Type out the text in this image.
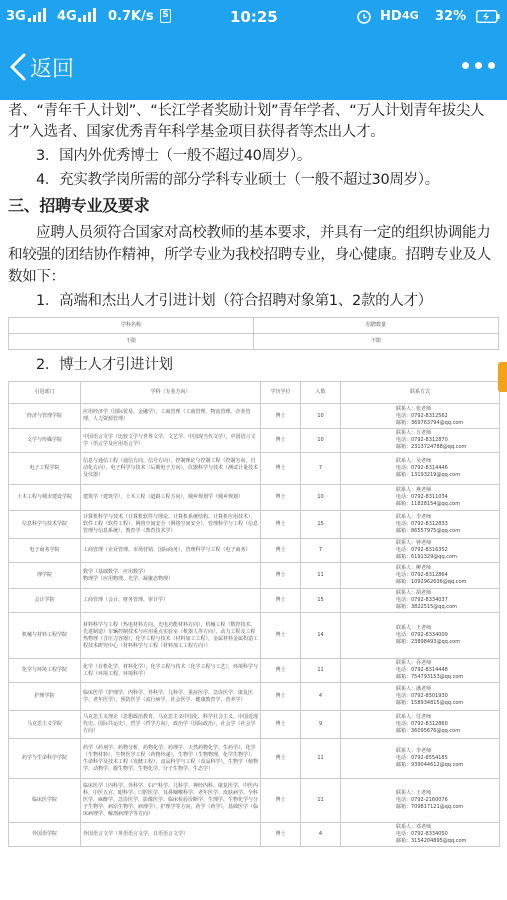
3G 4G 0.7K/s S	10:25	HD 4G 32%
返回

者、“青年千人计划”、“长江学者奖励计划”青年学者、“万人计划青年拔尖人才”入选者、国家优秀青年科学基金项目获得者等杰出人才。

3．国内外优秀博士（一般不超过40周岁）。

4．充实教学岗所需的部分学科专业硕士（一般不超过30周岁）。

三、招聘专业及要求

应聘人员须符合国家对高校教师的基本要求，并具有一定的组织协调能力和较强的团结协作精神，所学专业为我校招聘专业，身心健康。招聘专业及人数如下：

1．高端和杰出人才引进计划（符合招聘对象第1、2款的人才）

学科名称	招聘数量
不限	不限

2．博士人才引进计划

引进部门	学科（专业方向）	学历学位	人数	联系方式
经济与管理学院	应用经济学（国际贸易、金融学），工商管理（工商管理、物流管理、企业管理、人力资源管理）	博士	10	联系人：张老师
电话：0792-8312562
邮箱：369763794@qq.com
文学与传媒学院	中国语言文学（比较文学与世界文学、文艺学、中国现当代文学），中国语言文学（语言学及应用语言学）	博士	10	联系人：万老师
电话：0792-8312870
邮箱：2313724788@qq.com
电子工程学院	信息与通信工程（通信方向、信号方向），控制理论与控制工程（控制方向、自动化方向），电子科学与技术（后期电子方向），仪器科学与技术（测试计量技术及仪器）	博士	7	联系人：吴老师
电话：0792-8314446
邮箱：13193219@qq.com
土木工程与城市建设学院	建筑学（建筑学），土木工程（道路工程方向），城乡规划学（城乡规划）	博士	10	联系人：燕老师
电话：0792-8311034
邮箱：11828154@qq.com
信息科学与技术学院	计算机科学与技术（计算机软件与理论、计算机系统结构、计算机应用技术），软件工程（软件工程），网络空间安全（网络空间安全），管理科学与工程（信息管理与信息系统），教育学（教育技术学）	博士	15	联系人：李老师
电话：0792-8312833
邮箱：86557975@qq.com
电子商务学院	工商管理（企业管理、市场营销、国际商务），管理科学与工程（电子商务）	博士	7	联系人：钟老师
电话：0792-8316352
邮箱：6191329@qq.com
理学院	数学（基础数学、应用数学）
物理学（应用物理、光学、凝聚态物理）	博士	11	联系人：柳老师
电话：0792-8312864
邮箱：1092962636@qq.com
会计学院	工商管理（会计、财务管理、审计学）	博士	15	联系人：胡老师
电话：0792-8334037
邮箱：3822515@qq.com
机械与材料工程学院	材料科学与工程（热电材料方向、光电功能材料方向），机械工程（数控技术、先进制造）车辆控制技术与应用重点实验室（机器人等方向），动力工程及工程热物理（含压力容器），化学工程与技术（材料加工工程），金属材料金属构造工程技术研究中心（材料科学与工程（材料加工工程方向））	博士	14	联系人：王老师
电话：0792-8334009
邮箱：23898493@qq.com
化学与环境工程学院	化学（有机化学、材料化学），化学工程与技术（化学工程与工艺），环境科学与工程（环境工程、环境科学）	博士	11	联系人：乔老师
电话：0792-8314448
邮箱：754793153@qq.com
护理学院	临床医学（护理学、内科学、外科学、儿科学、重症医学、急诊医学、康复医学、老年医学），预防医学（流行病学、社会医学、健康教育学、营养学）	博士	4	联系人：潘老师
电话：0792-8501930
邮箱：158934815@qq.com
马克思主义学院	马克思主义理论（思想政治教育、马克思主义中国化、科学社会主义、中国近现代史、国际共运史），哲学（哲学方向），政治学（国际政治），社会学（社会学方向）	博士	9	联系人：付老师
电话：0792-8312860
邮箱：36095676@qq.com
药学与生命科学学院	药学（药剂学、药物分析、药物化学、药理学、天然药物化学、生药学），化学（生物材料），生物医学工程（药物传递），生物学（生物物理、化学生物学）、生命科学及技术工程（发酵工程），食品科学与工程（食品科学），生物学（植物学、动物学、微生物学、生物化学、分子生物学、生态学）	博士	11	联系人：李老师
电话：0792-8554185
邮箱：939044612@qq.com
临床医学院	临床医学（内科学、外科学、妇产科学、儿科学、神经内科、康复医学、中医内科、中医五官、眼科学、口腔医学、耳鼻咽喉科学、老年医学、皮肤病学、全科医学、麻醉学、急诊医学、影像医学、临床检验诊断学、生理学、生物化学与分子生物学、病原生物学、病理学），护理学等方向，药学（药学），基础医学（临床病理学、解剖病理学等方向）	博士	11	联系人：王老师
电话：0792-2160076
邮箱：709817121@qq.com
外国语学院	外国语言文学（英语语言文学，日语语言文学）	博士	4	联系人：邓老师
电话：0792-8334050
邮箱：3154204895@qq.com
